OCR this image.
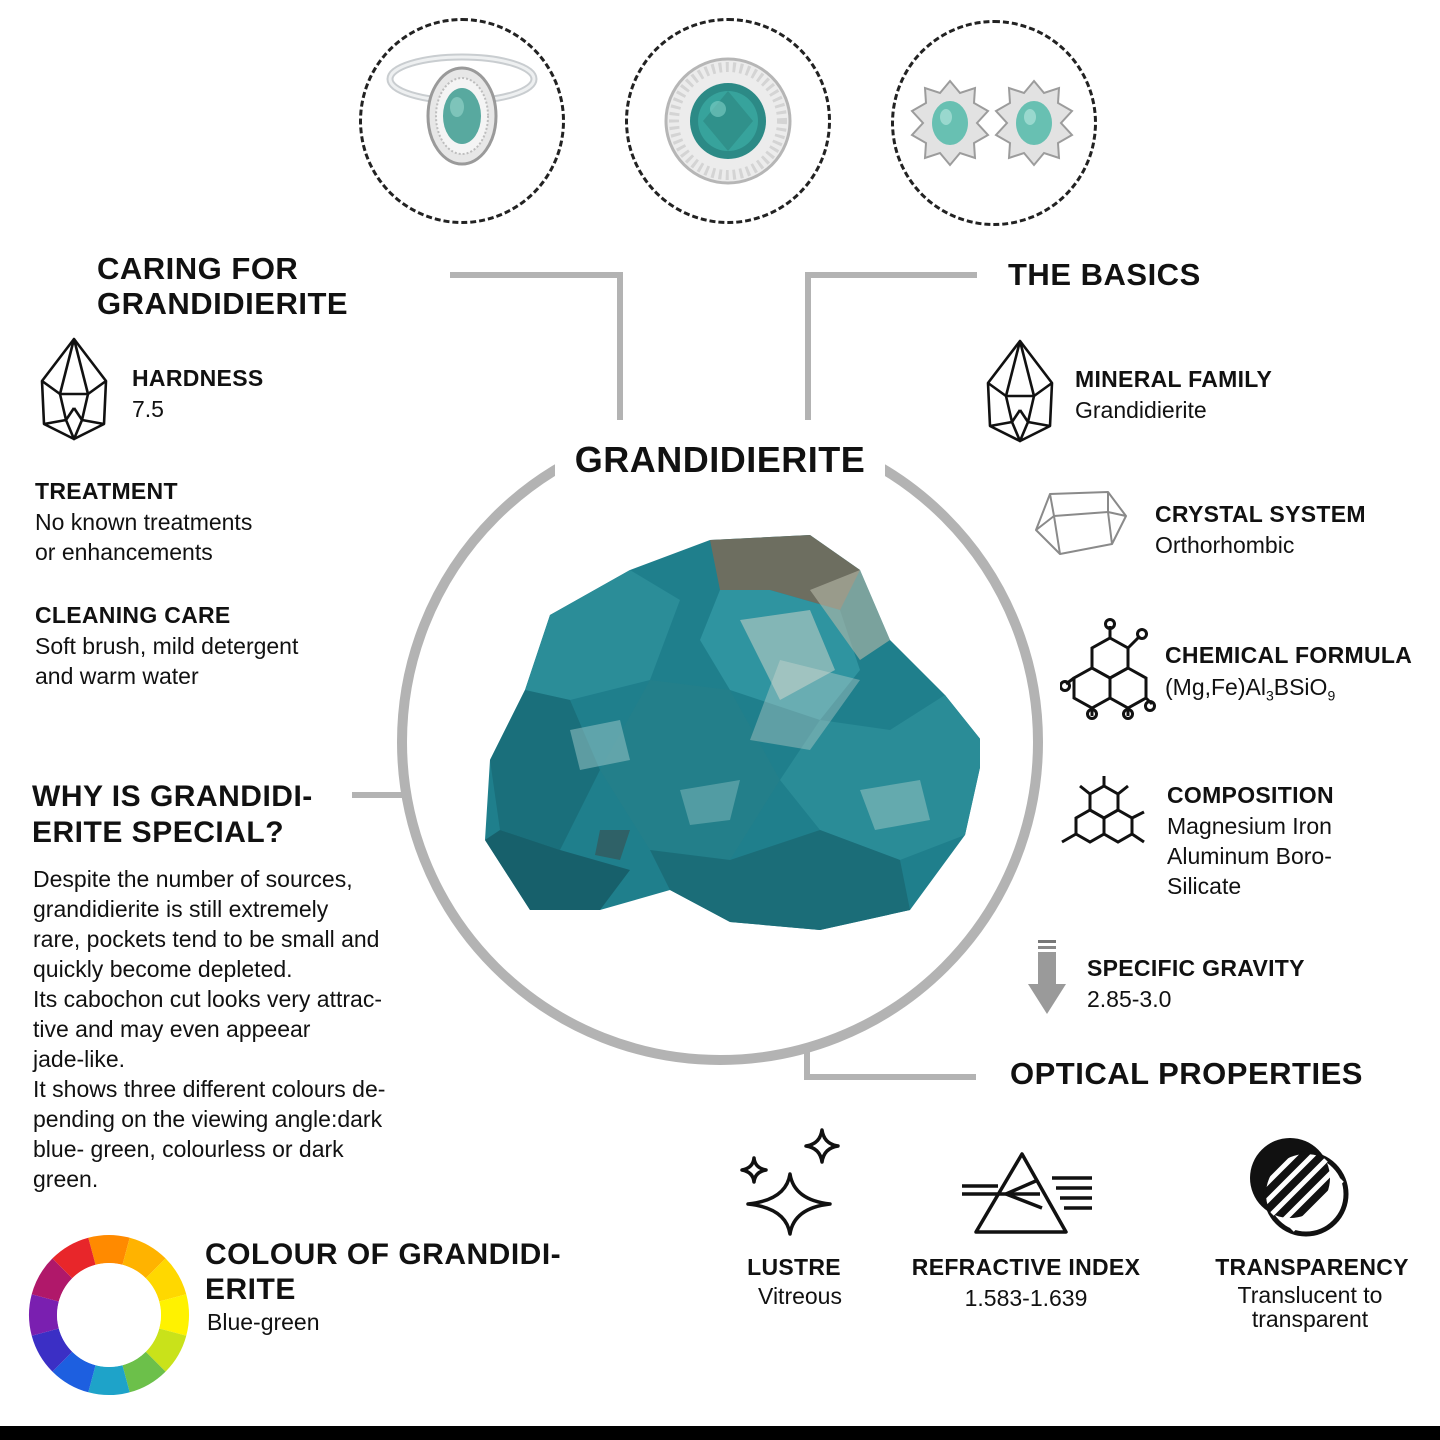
GRANDIDIERITE
CARING FOR
GRANDIDIERITE
HARDNESS
7.5
TREATMENT
No known treatments
or enhancements
CLEANING CARE
Soft brush, mild detergent
and warm water
WHY IS GRANDIDI-
ERITE SPECIAL?
Despite the number of sources,
grandidierite is still extremely
rare, pockets tend to be small and
quickly become depleted.
Its cabochon cut looks very attrac-
tive and may even appeear
jade-like.
It shows three different colours de-
pending on the viewing angle:dark
blue- green, colourless or dark
green.
COLOUR OF GRANDIDI-
ERITE
Blue-green
THE BASICS
MINERAL FAMILY
Grandidierite
CRYSTAL SYSTEM
Orthorhombic
CHEMICAL FORMULA
$(Mg,Fe)Al_3BSiO_9$
COMPOSITION
Magnesium Iron
Aluminum Boro-
Silicate
SPECIFIC GRAVITY
2.85-3.0
OPTICAL PROPERTIES
LUSTRE
Vitreous
REFRACTIVE INDEX
1.583-1.639
TRANSPARENCY
Translucent to
transparent
